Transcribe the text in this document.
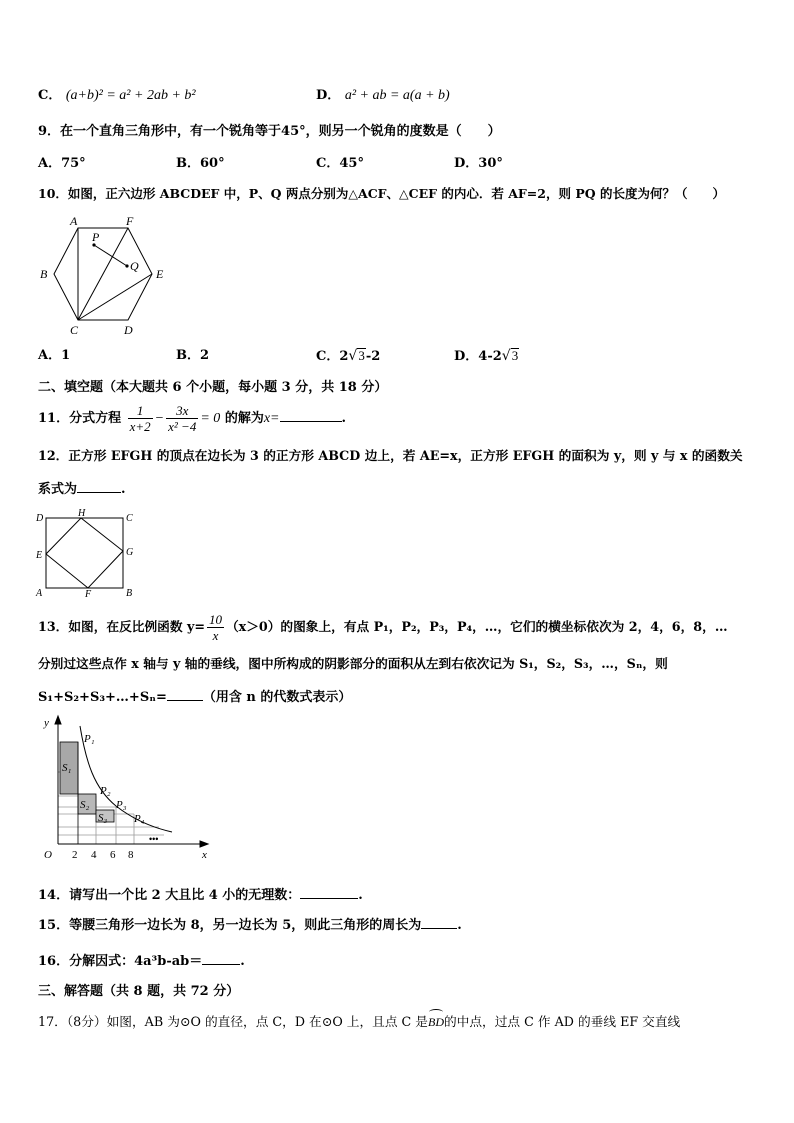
C． (a+b)² = a² + 2ab + b²	D． a² + ab = a(a + b)
9．在一个直角三角形中，有一个锐角等于45°，则另一个锐角的度数是（　　）
A．75°	B．60°	C．45°	D．30°
10．如图，正六边形 ABCDEF 中，P、Q 两点分别为△ACF、△CEF 的内心．若 AF=2，则 PQ 的长度为何？（　　）
A	F
B	E
C	D
P
Q
A．1	B．2	C．2√3-2	D．4-2√3
二、填空题（本大题共 6 个小题，每小题 3 分，共 18 分）
11．分式方程 $\frac{1}{x+2} - \frac{3x}{\text{x² −4}} = 0$ 的解为x=	.
12．正方形 EFGH 的顶点在边长为 3 的正方形 ABCD 边上，若 AE=x，正方形 EFGH 的面积为 y，则 y 与 x 的函数关
系式为	.
D	H	C
E	G
A	F	B
13．如图，在反比例函数 $y= \frac{10}{x} (x>0)$的图象上，有点 P₁，P₂，P₃，P₄，…，它们的横坐标依次为 2，4，6，8，…
分别过这些点作 x 轴与 y 轴的垂线，图中所构成的阴影部分的面积从左到右依次记为 S₁，S₂，S₃，…，Sₙ，则
S₁+S₂+S₃+…+Sₙ=	（用含 n 的代数式表示）
y
x
O
P₁
P₂
P₃
P₄
S₁
S₂
S₃
2 4 6 8
•••
14．请写出一个比 2 大且比 4 小的无理数：	.
15．等腰三角形一边长为 8，另一边长为 5，则此三角形的周长为	.
16．分解因式：4a³b-ab＝	.
三、解答题（共 8 题，共 72 分）
17．（8分）如图，AB 为⊙O 的直径，点 C，D 在⊙O 上，且点 C 是BD
的中点，过点 C 作 AD 的垂线 EF 交直线
